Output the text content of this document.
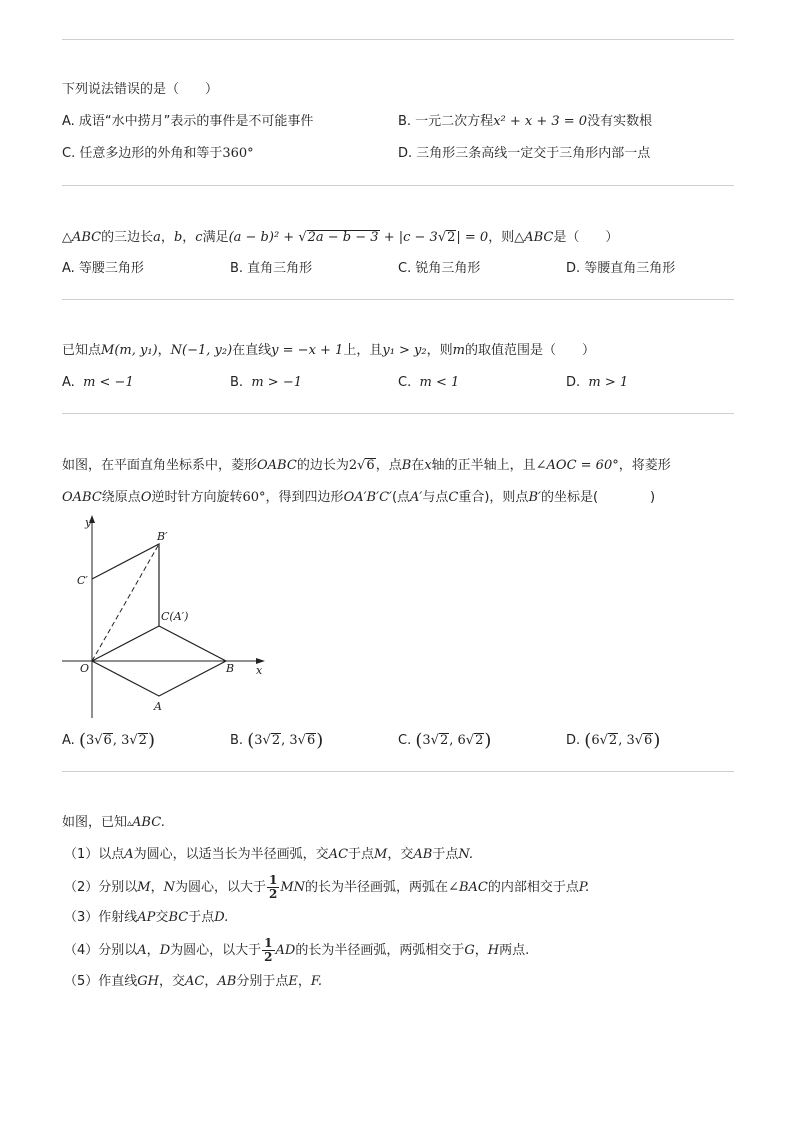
下列说法错误的是（　　）
A. 成语“水中捞月”表示的事件是不可能事件	B. 一元二次方程x² + x + 3 = 0没有实数根
C. 任意多边形的外角和等于360°	D. 三角形三条高线一定交于三角形内部一点
△ABC的三边长a，b，c满足(a − b)² + √2a − b − 3 + |c − 3√2| = 0，则△ABC是（　　）
A. 等腰三角形	B. 直角三角形	C. 锐角三角形	D. 等腰直角三角形
已知点M(m, y₁)，N(−1, y₂)在直线y = −x + 1上，且y₁ > y₂，则m的取值范围是（　　）
A. m < −1	B. m > −1	C. m < 1	D. m > 1
如图，在平面直角坐标系中，菱形OABC的边长为2√6，点B在x轴的正半轴上，且∠AOC = 60°，将菱形
OABC绕原点O逆时针方向旋转60°，得到四边形OA′B′C′(点A′与点C重合)，则点B′的坐标是(　　　　)
y
x
O
A
B
C(A′)
B′
C′
A. (3√6, 3√2)	B. (3√2, 3√6)	C. (3√2, 6√2)	D. (6√2, 3√6)
如图，已知▵ABC.
（1）以点A为圆心，以适当长为半径画弧，交AC于点M，交AB于点N.
（2）分别以M，N为圆心，以大于 $\frac{1}{2}$ MN的长为半径画弧，两弧在∠BAC的内部相交于点P.
（3）作射线AP交BC于点D.
（4）分别以A，D为圆心，以大于 $\frac{1}{2}$ AD的长为半径画弧，两弧相交于G，H两点.
（5）作直线GH，交AC，AB分别于点E，F.
